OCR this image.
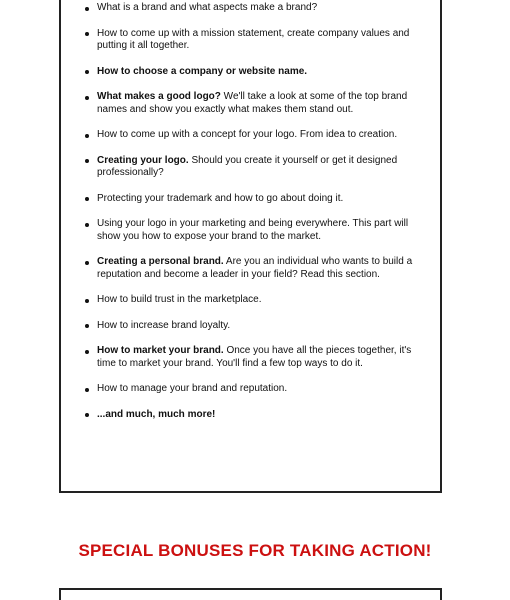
What is a brand and what aspects make a brand?
How to come up with a mission statement, create company values and putting it all together.
How to choose a company or website name.
What makes a good logo? We'll take a look at some of the top brand names and show you exactly what makes them stand out.
How to come up with a concept for your logo. From idea to creation.
Creating your logo. Should you create it yourself or get it designed professionally?
Protecting your trademark and how to go about doing it.
Using your logo in your marketing and being everywhere. This part will show you how to expose your brand to the market.
Creating a personal brand. Are you an individual who wants to build a reputation and become a leader in your field? Read this section.
How to build trust in the marketplace.
How to increase brand loyalty.
How to market your brand. Once you have all the pieces together, it's time to market your brand. You'll find a few top ways to do it.
How to manage your brand and reputation.
...and much, much more!
SPECIAL BONUSES FOR TAKING ACTION!
